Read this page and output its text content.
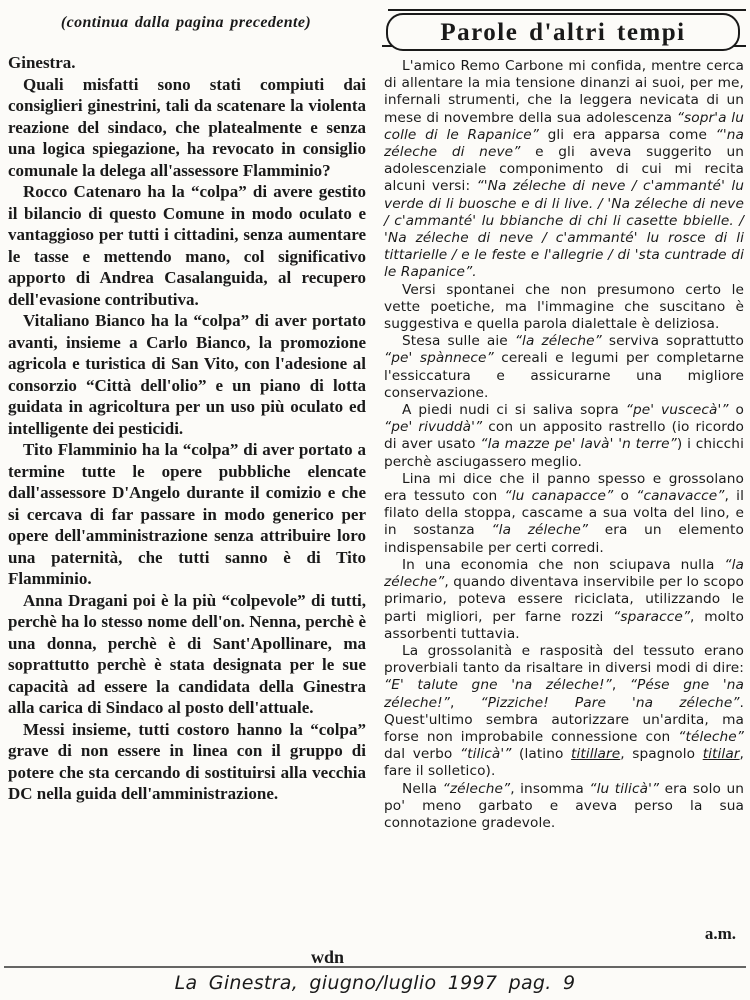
(continua dalla pagina precedente)

Ginestra.

Quali misfatti sono stati compiuti dai consiglieri ginestrini, tali da scatenare la violenta reazione del sindaco, che platealmente e senza una logica spiegazione, ha revocato in consiglio comunale la delega all'assessore Flamminio?

Rocco Catenaro ha la “colpa” di avere gestito il bilancio di questo Comune in modo oculato e vantaggioso per tutti i cittadini, senza aumentare le tasse e mettendo mano, col significativo apporto di Andrea Casalanguida, al recupero dell'evasione contributiva.

Vitaliano Bianco ha la “colpa” di aver portato avanti, insieme a Carlo Bianco, la promozione agricola e turistica di San Vito, con l'adesione al consorzio “Città dell'olio” e un piano di lotta guidata in agricoltura per un uso più oculato ed intelligente dei pesticidi.

Tito Flamminio ha la “colpa” di aver portato a termine tutte le opere pubbliche elencate dall'assessore D'Angelo durante il comizio e che si cercava di far passare in modo generico per opere dell'amministrazione senza attribuire loro una paternità, che tutti sanno è di Tito Flamminio.

Anna Dragani poi è la più “colpevole” di tutti, perchè ha lo stesso nome dell'on. Nenna, perchè è una donna, perchè è di Sant'Apollinare, ma soprattutto perchè è stata designata per le sue capacità ad essere la candidata della Ginestra alla carica di Sindaco al posto dell'attuale.

Messi insieme, tutti costoro hanno la “colpa” grave di non essere in linea con il gruppo di potere che sta cercando di sostituirsi alla vecchia DC nella guida dell'amministrazione.

Parole d'altri tempi

L'amico Remo Carbone mi confida, mentre cerca di allentare la mia tensione dinanzi ai suoi, per me, infernali strumenti, che la leggera nevicata di un mese di novembre della sua adolescenza “sopr'a lu colle di le Rapanice” gli era apparsa come “'na zéleche di neve” e gli aveva suggerito un adolescenziale componimento di cui mi recita alcuni versi: “'Na zéleche di neve / c'ammanté' lu verde di li buosche e di li live. / 'Na zéleche di neve / c'ammanté' lu bbianche di chi li casette bbielle. / 'Na zéleche di neve / c'ammanté' lu rosce di li tittarielle / e le feste e l'allegrie / di 'sta cuntrade di le Rapanice”.

Versi spontanei che non presumono certo le vette poetiche, ma l'immagine che suscitano è suggestiva e quella parola dialettale è deliziosa.

Stesa sulle aie “la zéleche” serviva soprattutto “pe' spànnece” cereali e legumi per completarne l'essiccatura e assicurarne una migliore conservazione.

A piedi nudi ci si saliva sopra “pe' vuscecà'” o “pe' rivuddà'” con un apposito rastrello (io ricordo di aver usato “la mazze pe' lavà' 'n terre”) i chicchi perchè asciugassero meglio.

Lina mi dice che il panno spesso e grossolano era tessuto con “lu canapacce” o “canavacce”, il filato della stoppa, cascame a sua volta del lino, e in sostanza “la zéleche” era un elemento indispensabile per certi corredi.

In una economia che non sciupava nulla “la zéleche”, quando diventava inservibile per lo scopo primario, poteva essere riciclata, utilizzando le parti migliori, per farne rozzi “sparacce”, molto assorbenti tuttavia.

La grossolanità e rasposità del tessuto erano proverbiali tanto da risaltare in diversi modi di dire: “E' talute gne 'na zéleche!”, “Pése gne 'na zéleche!”, “Pizziche! Pare 'na zéleche”. Quest'ultimo sembra autorizzare un'ardita, ma forse non improbabile connessione con “téleche” dal verbo “tilicà'” (latino titillare, spagnolo titilar, fare il solletico).

Nella “zéleche”, insomma “lu tilicà'” era solo un po' meno garbato e aveva perso la sua connotazione gradevole.

wdn
a.m.
La Ginestra, giugno/luglio 1997 pag. 9
